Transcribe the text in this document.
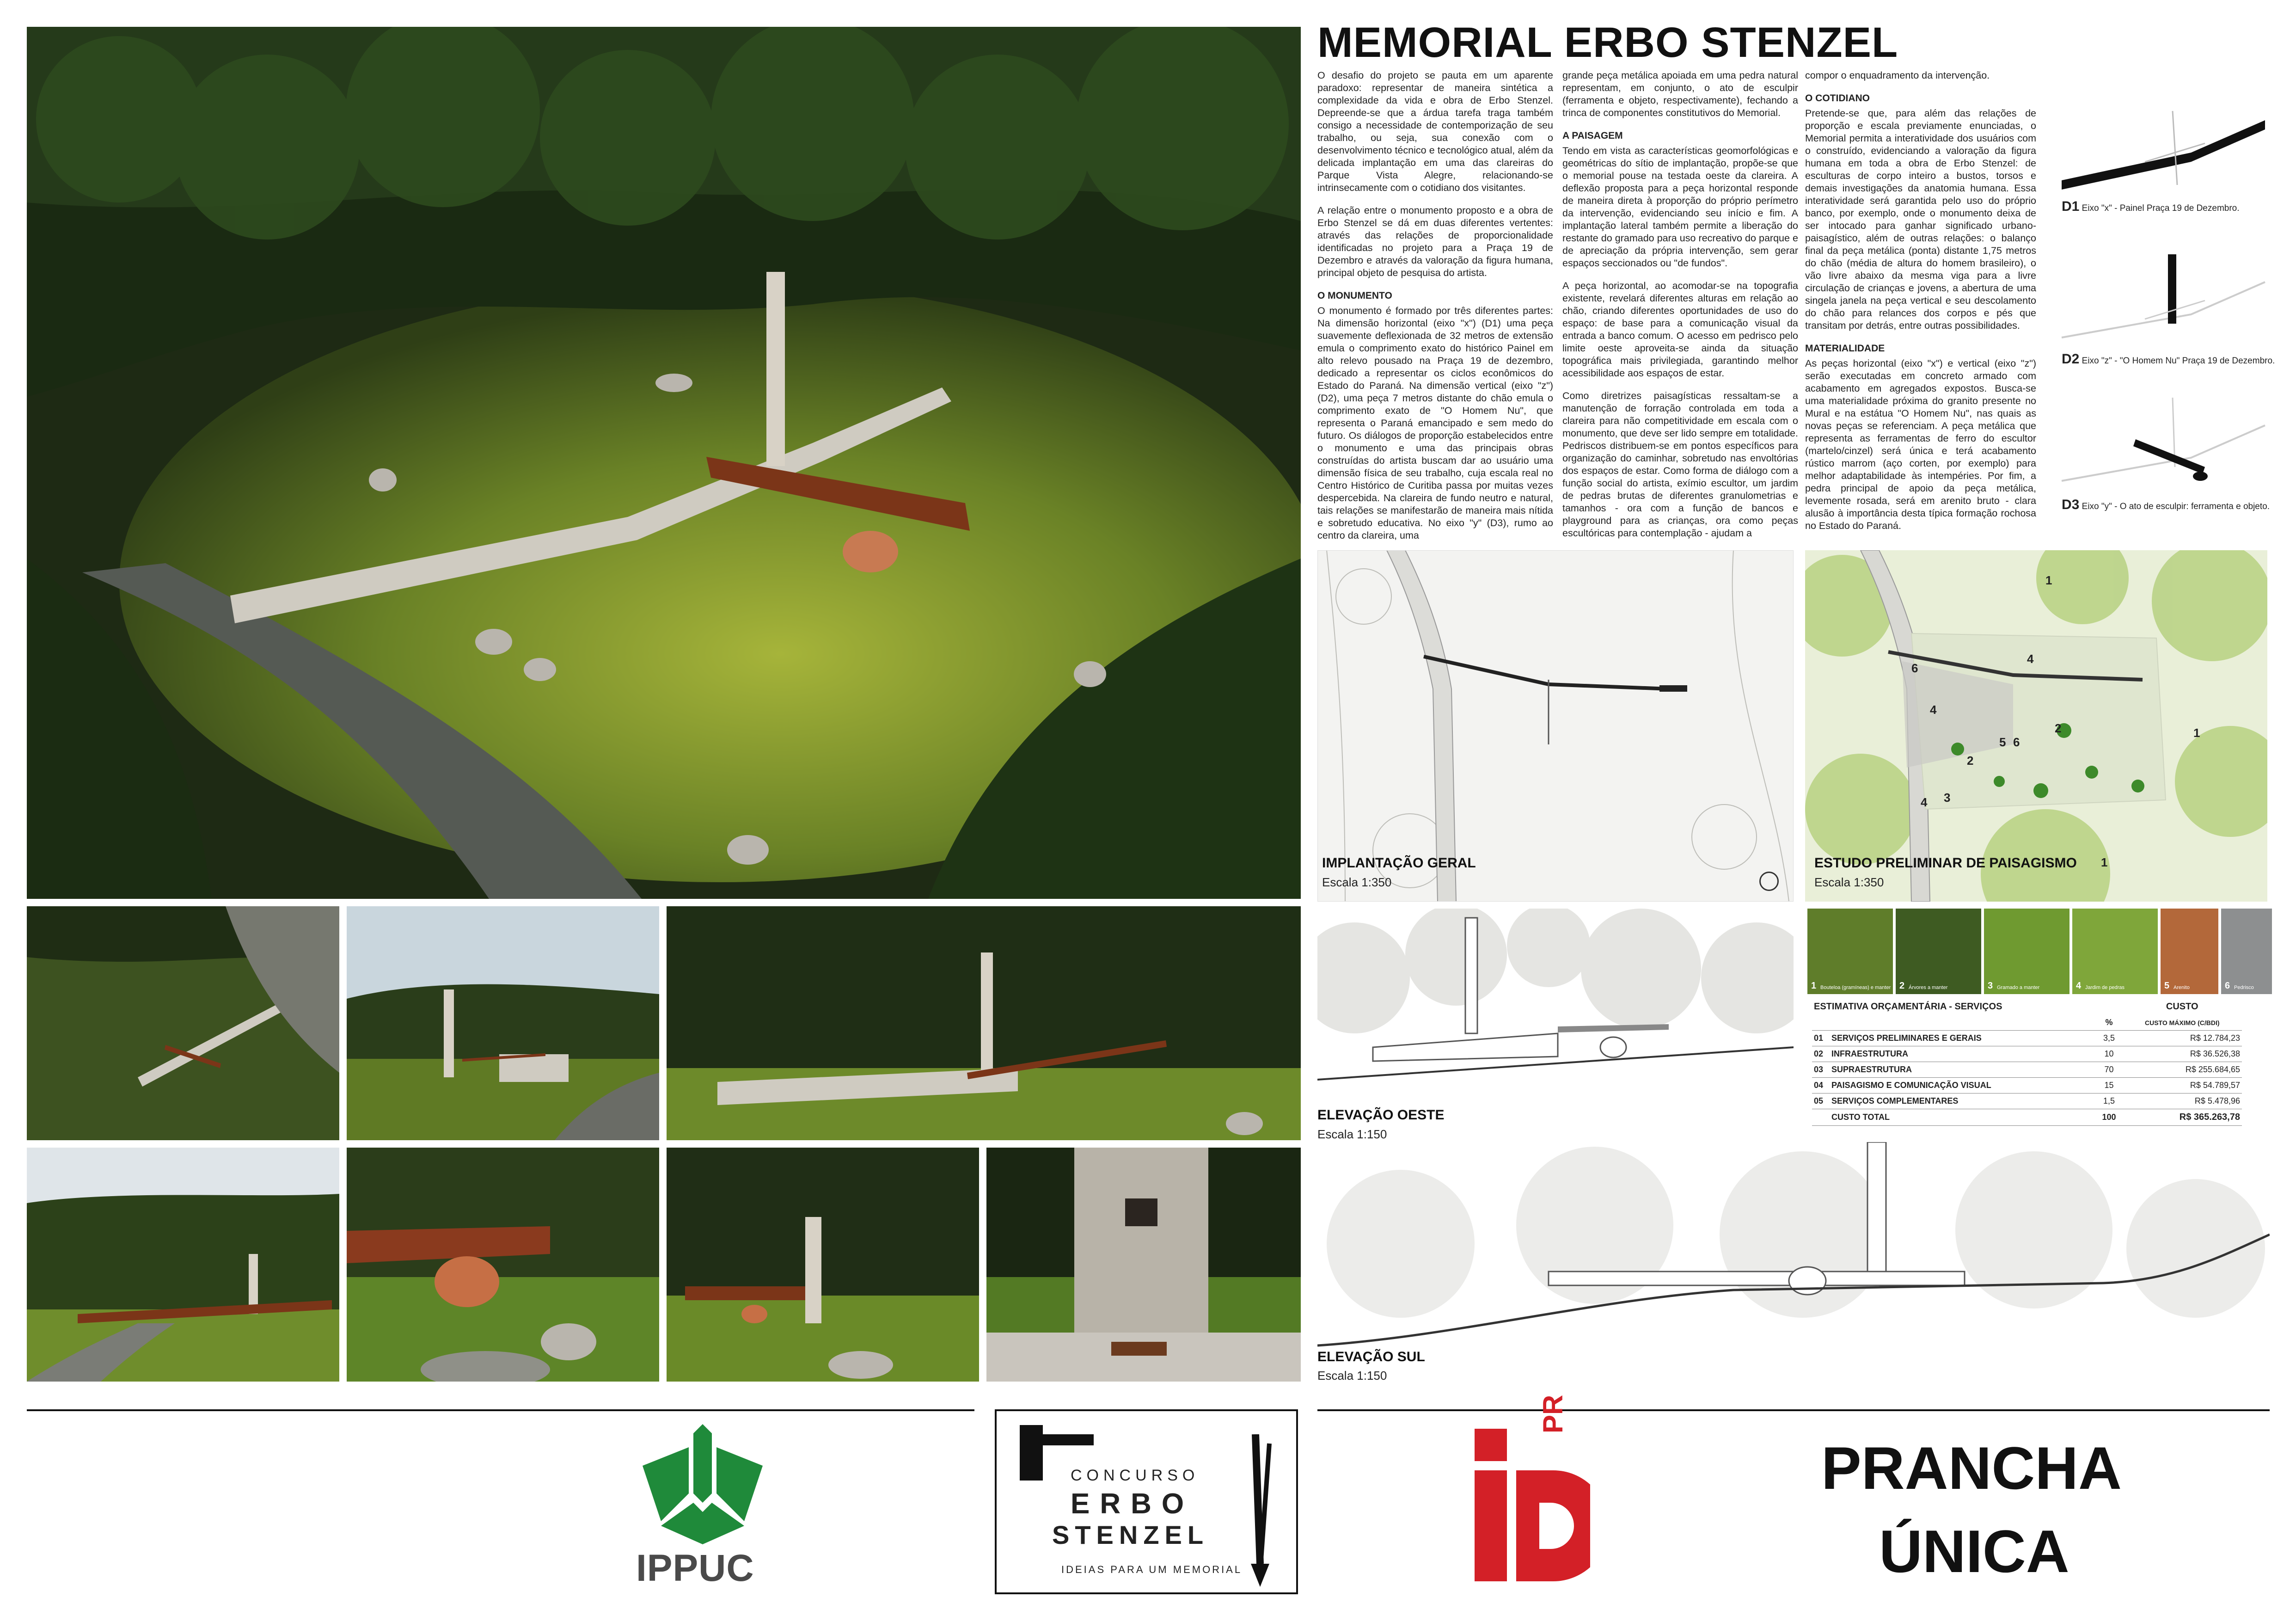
MEMORIAL ERBO STENZEL

O desafio do projeto se pauta em um aparente paradoxo: representar de maneira sintética a complexidade da vida e obra de Erbo Stenzel. Depreende-se que a árdua tarefa traga também consigo a necessidade de contemporização de seu trabalho, ou seja, sua conexão com o desenvolvimento técnico e tecnológico atual, além da delicada implantação em uma das clareiras do Parque Vista Alegre, relacionando-se intrinsecamente com o cotidiano dos visitantes.

A relação entre o monumento proposto e a obra de Erbo Stenzel se dá em duas diferentes vertentes: através das relações de proporcionalidade identificadas no projeto para a Praça 19 de Dezembro e através da valoração da figura humana, principal objeto de pesquisa do artista.

O MONUMENTO

O monumento é formado por três diferentes partes: Na dimensão horizontal (eixo "x") (D1) uma peça suavemente deflexionada de 32 metros de extensão emula o comprimento exato do histórico Painel em alto relevo pousado na Praça 19 de dezembro, dedicado a representar os ciclos econômicos do Estado do Paraná. Na dimensão vertical (eixo "z") (D2), uma peça 7 metros distante do chão emula o comprimento exato de "O Homem Nu", que representa o Paraná emancipado e sem medo do futuro. Os diálogos de proporção estabelecidos entre o monumento e uma das principais obras construídas do artista buscam dar ao usuário uma dimensão física de seu trabalho, cuja escala real no Centro Histórico de Curitiba passa por muitas vezes despercebida. Na clareira de fundo neutro e natural, tais relações se manifestarão de maneira mais nítida e sobretudo educativa. No eixo "y" (D3), rumo ao centro da clareira, uma

grande peça metálica apoiada em uma pedra natural representam, em conjunto, o ato de esculpir (ferramenta e objeto, respectivamente), fechando a trinca de componentes constitutivos do Memorial.

A PAISAGEM

Tendo em vista as características geomorfológicas e geométricas do sítio de implantação, propõe-se que o memorial pouse na testada oeste da clareira. A deflexão proposta para a peça horizontal responde de maneira direta à proporção do próprio perímetro da intervenção, evidenciando seu início e fim. A implantação lateral também permite a liberação do restante do gramado para uso recreativo do parque e de apreciação da própria intervenção, sem gerar espaços seccionados ou "de fundos".

A peça horizontal, ao acomodar-se na topografia existente, revelará diferentes alturas em relação ao chão, criando diferentes oportunidades de uso do espaço: de base para a comunicação visual da entrada a banco comum. O acesso em pedrisco pelo limite oeste aproveita-se ainda da situação topográfica mais privilegiada, garantindo melhor acessibilidade aos espaços de estar.

Como diretrizes paisagísticas ressaltam-se a manutenção de forração controlada em toda a clareira para não competitividade em escala com o monumento, que deve ser lido sempre em totalidade. Pedriscos distribuem-se em pontos específicos para organização do caminhar, sobretudo nas envoltórias dos espaços de estar. Como forma de diálogo com a função social do artista, exímio escultor, um jardim de pedras brutas de diferentes granulometrias e tamanhos - ora com a função de bancos e playground para as crianças, ora como peças escultóricas para contemplação - ajudam a

compor o enquadramento da intervenção.

O COTIDIANO

Pretende-se que, para além das relações de proporção e escala previamente enunciadas, o Memorial permita a interatividade dos usuários com o construído, evidenciando a valoração da figura humana em toda a obra de Erbo Stenzel: de esculturas de corpo inteiro a bustos, torsos e demais investigações da anatomia humana. Essa interatividade será garantida pelo uso do próprio banco, por exemplo, onde o monumento deixa de ser intocado para ganhar significado urbano-paisagístico, além de outras relações: o balanço final da peça metálica (ponta) distante 1,75 metros do chão (média de altura do homem brasileiro), o vão livre abaixo da mesma viga para a livre circulação de crianças e jovens, a abertura de uma singela janela na peça vertical e seu descolamento do chão para relances dos corpos e pés que transitam por detrás, entre outras possibilidades.

MATERIALIDADE

As peças horizontal (eixo "x") e vertical (eixo "z") serão executadas em concreto armado com acabamento em agregados expostos. Busca-se uma materialidade próxima do granito presente no Mural e na estátua "O Homem Nu", nas quais as novas peças se referenciam. A peça metálica que representa as ferramentas de ferro do escultor (martelo/cinzel) será única e terá acabamento rústico marrom (aço corten, por exemplo) para melhor adaptabilidade às intempéries. Por fim, a pedra principal de apoio da peça metálica, levemente rosada, será em arenito bruto - clara alusão à importância desta típica formação rochosa no Estado do Paraná.

D1 Eixo "x" - Painel Praça 19 de Dezembro.
D2 Eixo "z" - "O Homem Nu" Praça 19 de Dezembro.
D3 Eixo "y" - O ato de esculpir: ferramenta e objeto.
IMPLANTAÇÃO GERAL
Escala 1:350
1
1
1
2
2
3
4
4
4
5 6
6
ESTUDO PRELIMINAR DE PAISAGISMO
Escala 1:350
1 Bouteloa (gramíneas) e manter 2 Árvores a manter	3 Gramado a manter	4 Jardim de pedras	5 Arenito	6 Pedrisco
ESTIMATIVA ORÇAMENTÁRIA - SERVIÇOS			CUSTO
		%	CUSTO MÁXIMO (C/BDI)
01	SERVIÇOS PRELIMINARES E GERAIS	3,5	R$ 12.784,23
02	INFRAESTRUTURA	10	R$ 36.526,38
03	SUPRAESTRUTURA	70	R$ 255.684,65
04	PAISAGISMO E COMUNICAÇÃO VISUAL	15	R$ 54.789,57
05	SERVIÇOS COMPLEMENTARES	1,5	R$ 5.478,96
	CUSTO TOTAL	100	R$ 365.263,78
ELEVAÇÃO OESTE
Escala 1:150
ELEVAÇÃO SUL
Escala 1:150
IPPUC
CONCURSO
ERBO
STENZEL
IDEIAS PARA UM MEMORIAL
PR
PRANCHA
ÚNICA
